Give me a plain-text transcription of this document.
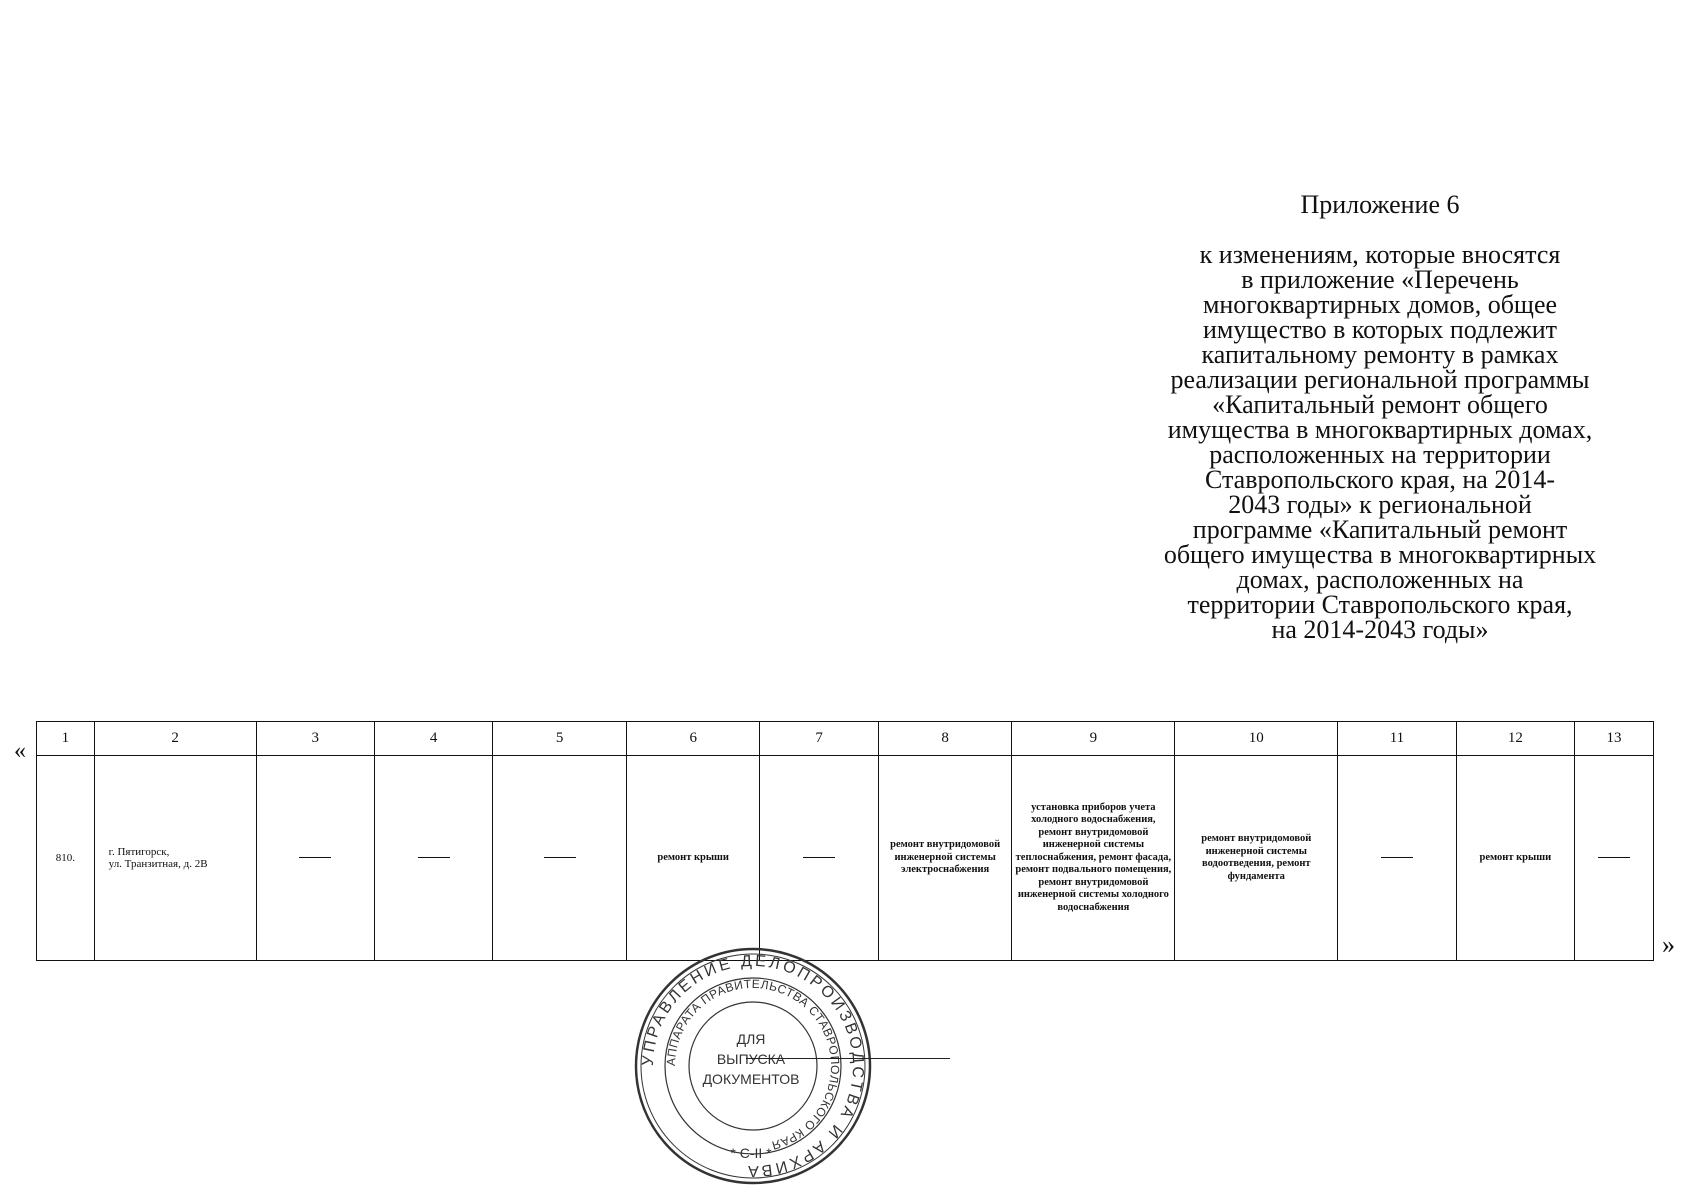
Приложение 6

к изменениям, которые вносятся

в приложение «Перечень

многоквартирных домов, общее

имущество в которых подлежит

капитальному ремонту в рамках

реализации региональной программы

«Капитальный ремонт общего

имущества в многоквартирных домах,

расположенных на территории

Ставропольского края, на 2014-

2043 годы» к региональной

программе «Капитальный ремонт

общего имущества в многоквартирных

домах, расположенных на

территории Ставропольского края,

на 2014-2043 годы»

« 1	2	3	4	5	6	7	8	9	10	11	12	13
810.	г. Пятигорск,
ул. Транзитная, д. 2В				ремонт крыши		ремонт внутридомовой инженерной системы электроснабжения	установка приборов учета холодного водоснабжения, ремонт внутридомовой инженерной системы теплоснабжения, ремонт фасада, ремонт подвального помещения, ремонт внутридомовой инженерной системы холодного водоснабжения	ремонт внутридомовой инженерной системы водоотведения, ремонт фундамента		ремонт крыши	
»
УПРАВЛЕНИЕ ДЕЛОПРОИЗВОДСТВА И АРХИВА
АППАРАТА ПРАВИТЕЛЬСТВА СТАВРОПОЛЬСКОГО КРАЯ
ДЛЯ
ВЫПУСКА
ДОКУМЕНТОВ
* С-II *
